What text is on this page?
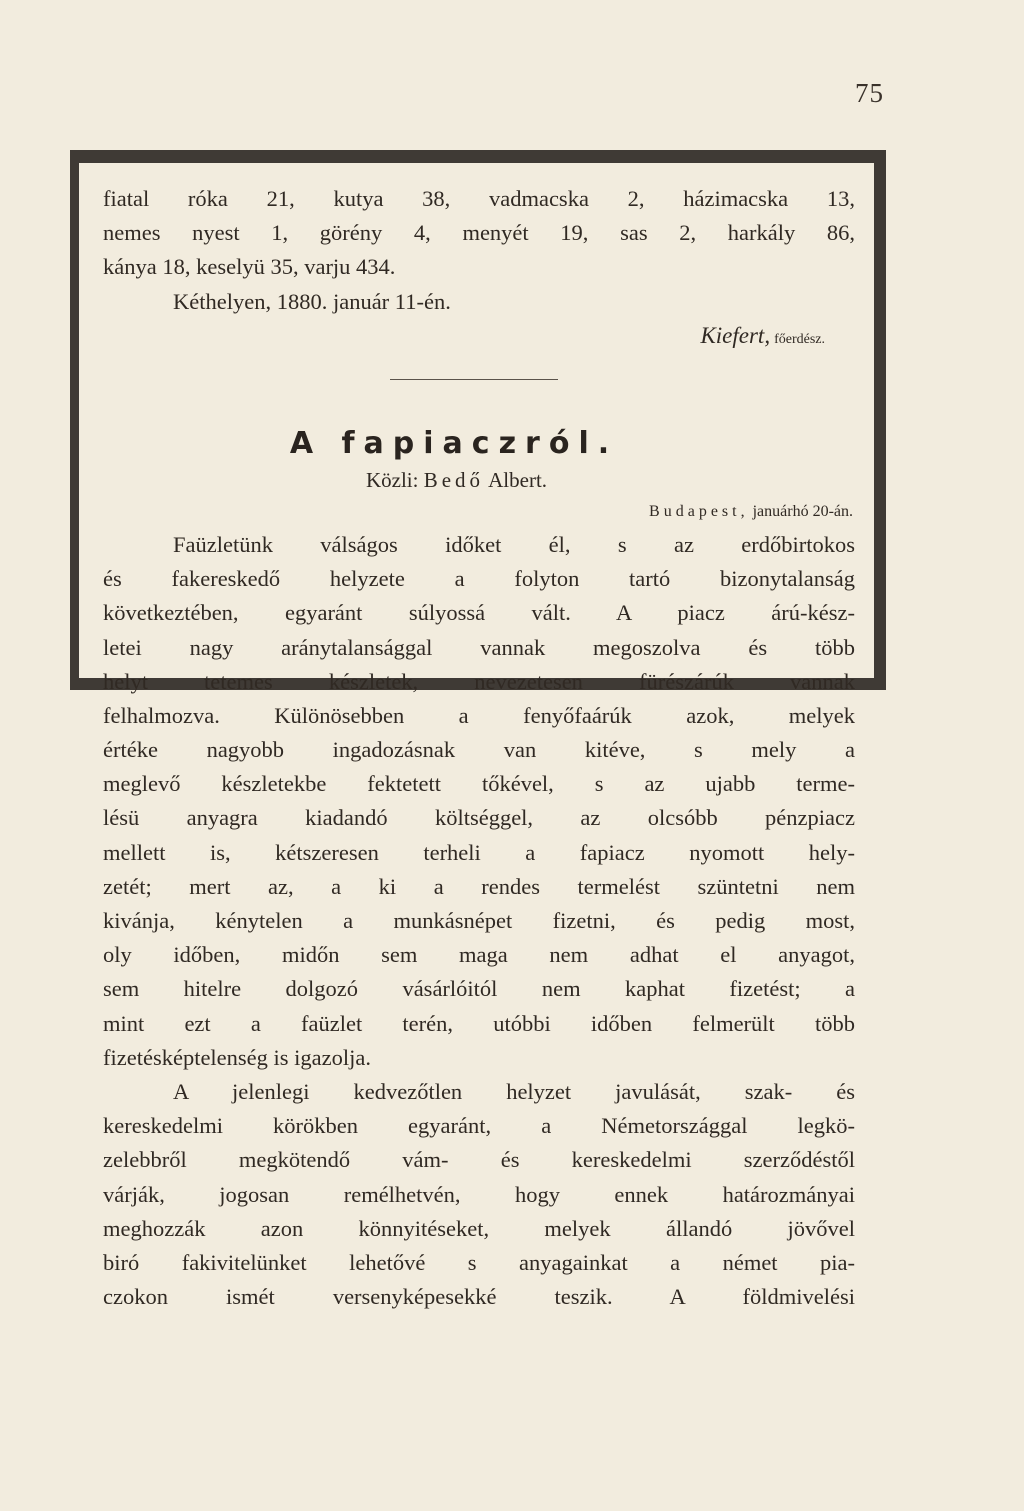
75
fiatal róka 21, kutya 38, vadmacska 2, házimacska 13,
nemes nyest 1, görény 4, menyét 19, sas 2, harkály 86,
kánya 18, keselyü 35, varju 434.
Kéthelyen, 1880. január 11-én.
Kiefert, főerdész.
A fapiaczról.
Közli: Bedő Albert.
Budapest, januárhó 20-án.
Faüzletünk válságos időket él, s az erdőbirtokos
és fakereskedő helyzete a folyton tartó bizonytalanság
következtében, egyaránt súlyossá vált. A piacz árú-kész-
letei nagy aránytalansággal vannak megoszolva és több
helyt tetemes készletek, nevezetesen fürészárúk vannak
felhalmozva. Különösebben a fenyőfaárúk azok, melyek
értéke nagyobb ingadozásnak van kitéve, s mely a
meglevő készletekbe fektetett tőkével, s az ujabb terme-
lésü anyagra kiadandó költséggel, az olcsóbb pénzpiacz
mellett is, kétszeresen terheli a fapiacz nyomott hely-
zetét; mert az, a ki a rendes termelést szüntetni nem
kivánja, kénytelen a munkásnépet fizetni, és pedig most,
oly időben, midőn sem maga nem adhat el anyagot,
sem hitelre dolgozó vásárlóitól nem kaphat fizetést; a
mint ezt a faüzlet terén, utóbbi időben felmerült több
fizetésképtelenség is igazolja.
A jelenlegi kedvezőtlen helyzet javulását, szak- és
kereskedelmi körökben egyaránt, a Németországgal legkö-
zelebbről megkötendő vám- és kereskedelmi szerződéstől
várják, jogosan remélhetvén, hogy ennek határozmányai
meghozzák azon könnyitéseket, melyek állandó jövővel
biró fakivitelünket lehetővé s anyagainkat a német pia-
czokon ismét versenyképesekké teszik. A földmivelési
